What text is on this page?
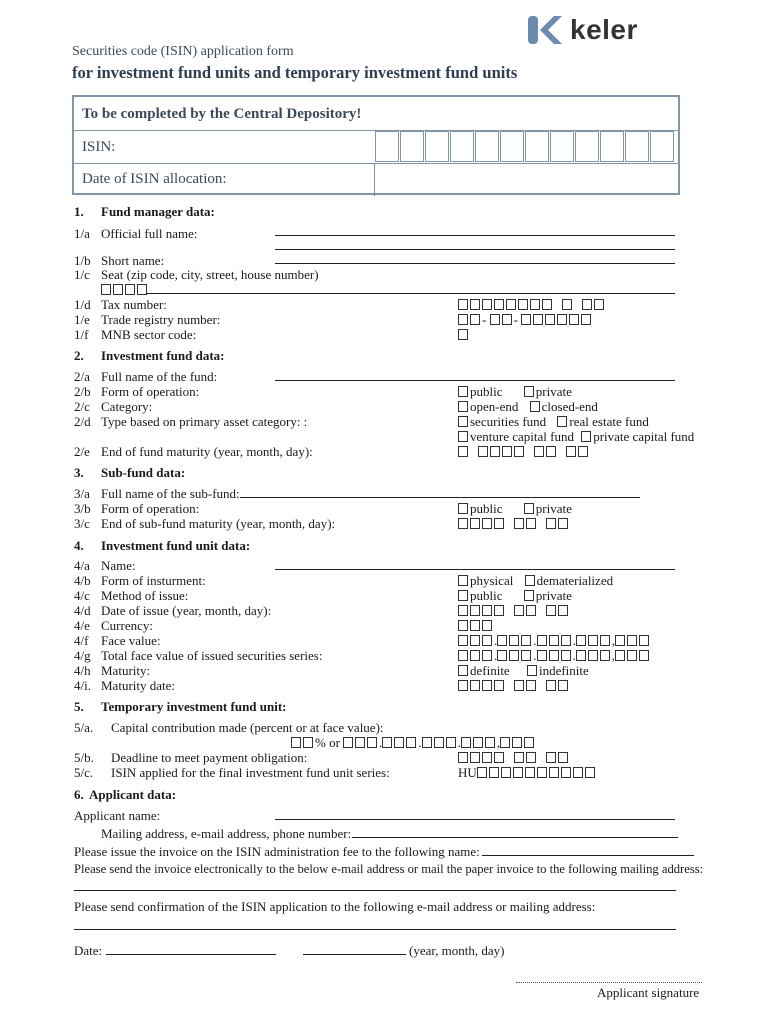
keler
Securities code (ISIN) application form
for investment fund units and temporary investment fund units
To be completed by the Central Depository!
ISIN:
Date of ISIN allocation:
1. Fund manager data:
1/a Official full name:
1/b Short name:
1/c Seat (zip code, city, street, house number)
1/d Tax number:
1/e Trade registry number:	- -
1/f MNB sector code:
2. Investment fund data:
2/a Full name of the fund:
2/b Form of operation:	public	private
2/c Category:	open-end closed-end
2/d Type based on primary asset category: :	securities fund real estate fund
venture capital fund private capital fund
2/e End of fund maturity (year, month, day):
3. Sub-fund data:
3/a Full name of the sub-fund:
3/b Form of operation:	public	private
3/c End of sub-fund maturity (year, month, day):
4. Investment fund unit data:
4/a Name:
4/b Form of insturment:	physical dematerialized
4/c Method of issue:	public	private
4/d Date of issue (year, month, day):
4/e Currency:
4/f Face value:	.	.	.	,
4/g Total face value of issued securities series:	.	.	.	,
4/h Maturity:	definite indefinite
4/i. Maturity date:
5. Temporary investment fund unit:
5/a. Capital contribution made (percent or at face value):
% or	.	.	.	,
5/b. Deadline to meet payment obligation:
5/c. ISIN applied for the final investment fund unit series:	HU
6. Applicant data:
Applicant name:
Mailing address, e-mail address, phone number:
Please issue the invoice on the ISIN administration fee to the following name:
Please send the invoice electronically to the below e-mail address or mail the paper invoice to the following mailing address:
Please send confirmation of the ISIN application to the following e-mail address or mailing address:
Date:	(year, month, day)
Applicant signature
